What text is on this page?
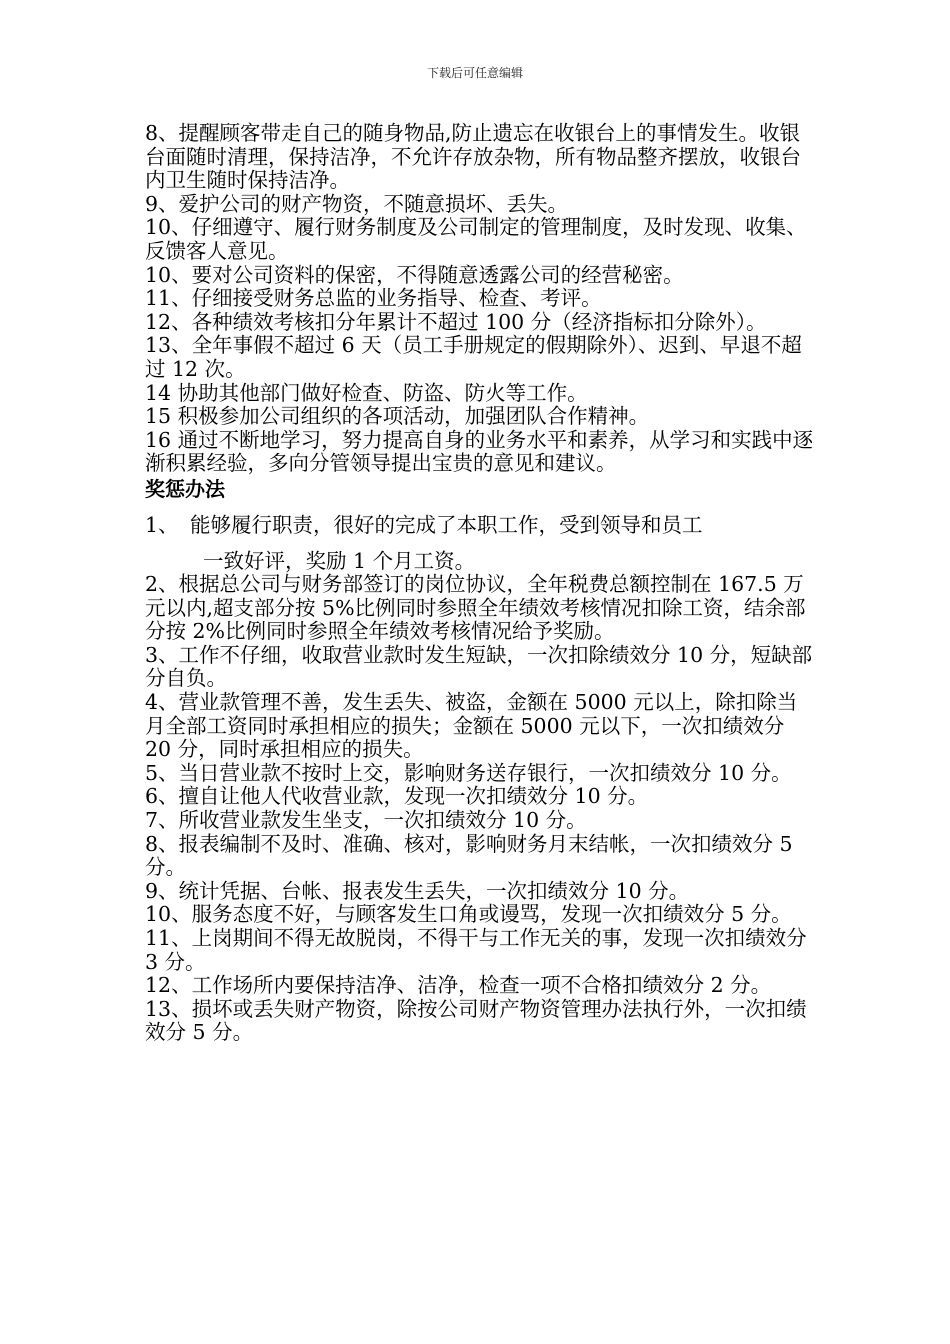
下载后可任意编辑

8、提醒顾客带走自己的随身物品,防止遗忘在收银台上的事情发生。收银台面随时清理，保持洁净，不允许存放杂物，所有物品整齐摆放，收银台内卫生随时保持洁净。

9、爱护公司的财产物资，不随意损坏、丢失。

10、仔细遵守、履行财务制度及公司制定的管理制度，及时发现、收集、反馈客人意见。

10、要对公司资料的保密，不得随意透露公司的经营秘密。

11、仔细接受财务总监的业务指导、检查、考评。

12、各种绩效考核扣分年累计不超过 100 分（经济指标扣分除外）。

13、全年事假不超过 6 天（员工手册规定的假期除外）、迟到、早退不超过 12 次。

14 协助其他部门做好检查、防盗、防火等工作。

15 积极参加公司组织的各项活动，加强团队合作精神。

16 通过不断地学习，努力提高自身的业务水平和素养，从学习和实践中逐渐积累经验，多向分管领导提出宝贵的意见和建议。

奖惩办法
1、 能够履行职责，很好的完成了本职工作，受到领导和员工

一致好评，奖励 1 个月工资。

2、根据总公司与财务部签订的岗位协议，全年税费总额控制在 167.5 万元以内,超支部分按 5%比例同时参照全年绩效考核情况扣除工资，结余部分按 2%比例同时参照全年绩效考核情况给予奖励。

3、工作不仔细，收取营业款时发生短缺，一次扣除绩效分 10 分，短缺部分自负。

4、营业款管理不善，发生丢失、被盗，金额在 5000 元以上，除扣除当月全部工资同时承担相应的损失；金额在 5000 元以下，一次扣绩效分 20 分，同时承担相应的损失。

5、当日营业款不按时上交，影响财务送存银行，一次扣绩效分 10 分。

6、擅自让他人代收营业款，发现一次扣绩效分 10 分。

7、所收营业款发生坐支，一次扣绩效分 10 分。

8、报表编制不及时、准确、核对，影响财务月末结帐，一次扣绩效分 5 分。

9、统计凭据、台帐、报表发生丢失，一次扣绩效分 10 分。

10、服务态度不好，与顾客发生口角或谩骂，发现一次扣绩效分 5 分。

11、上岗期间不得无故脱岗，不得干与工作无关的事，发现一次扣绩效分 3 分。

12、工作场所内要保持洁净、洁净，检查一项不合格扣绩效分 2 分。

13、损坏或丢失财产物资，除按公司财产物资管理办法执行外，一次扣绩效分 5 分。
